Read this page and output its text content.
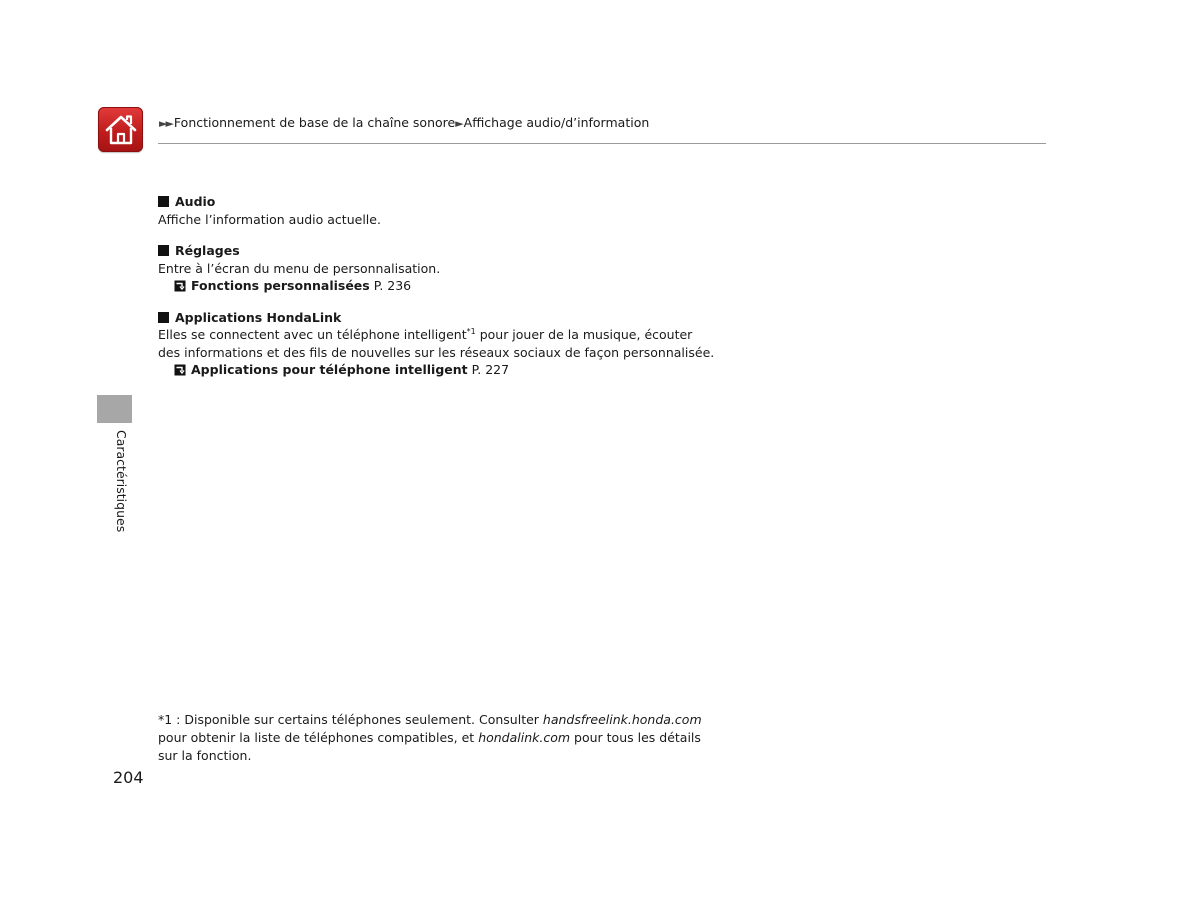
►► Fonctionnement de base de la chaîne sonore►Affichage audio/d’information
Audio
Affiche l’information audio actuelle.
Réglages
Entre à l’écran du menu de personnalisation.
Fonctions personnalisées P. 236
Applications HondaLink
Elles se connectent avec un téléphone intelligent$^{*1}$ pour jouer de la musique, écouter des informations et des fils de nouvelles sur les réseaux sociaux de façon personnalisée.
Applications pour téléphone intelligent P. 227
Caractéristiques
*1 : Disponible sur certains téléphones seulement. Consulter handsfreelink.honda.com pour obtenir la liste de téléphones compatibles, et hondalink.com pour tous les détails sur la fonction.
204
